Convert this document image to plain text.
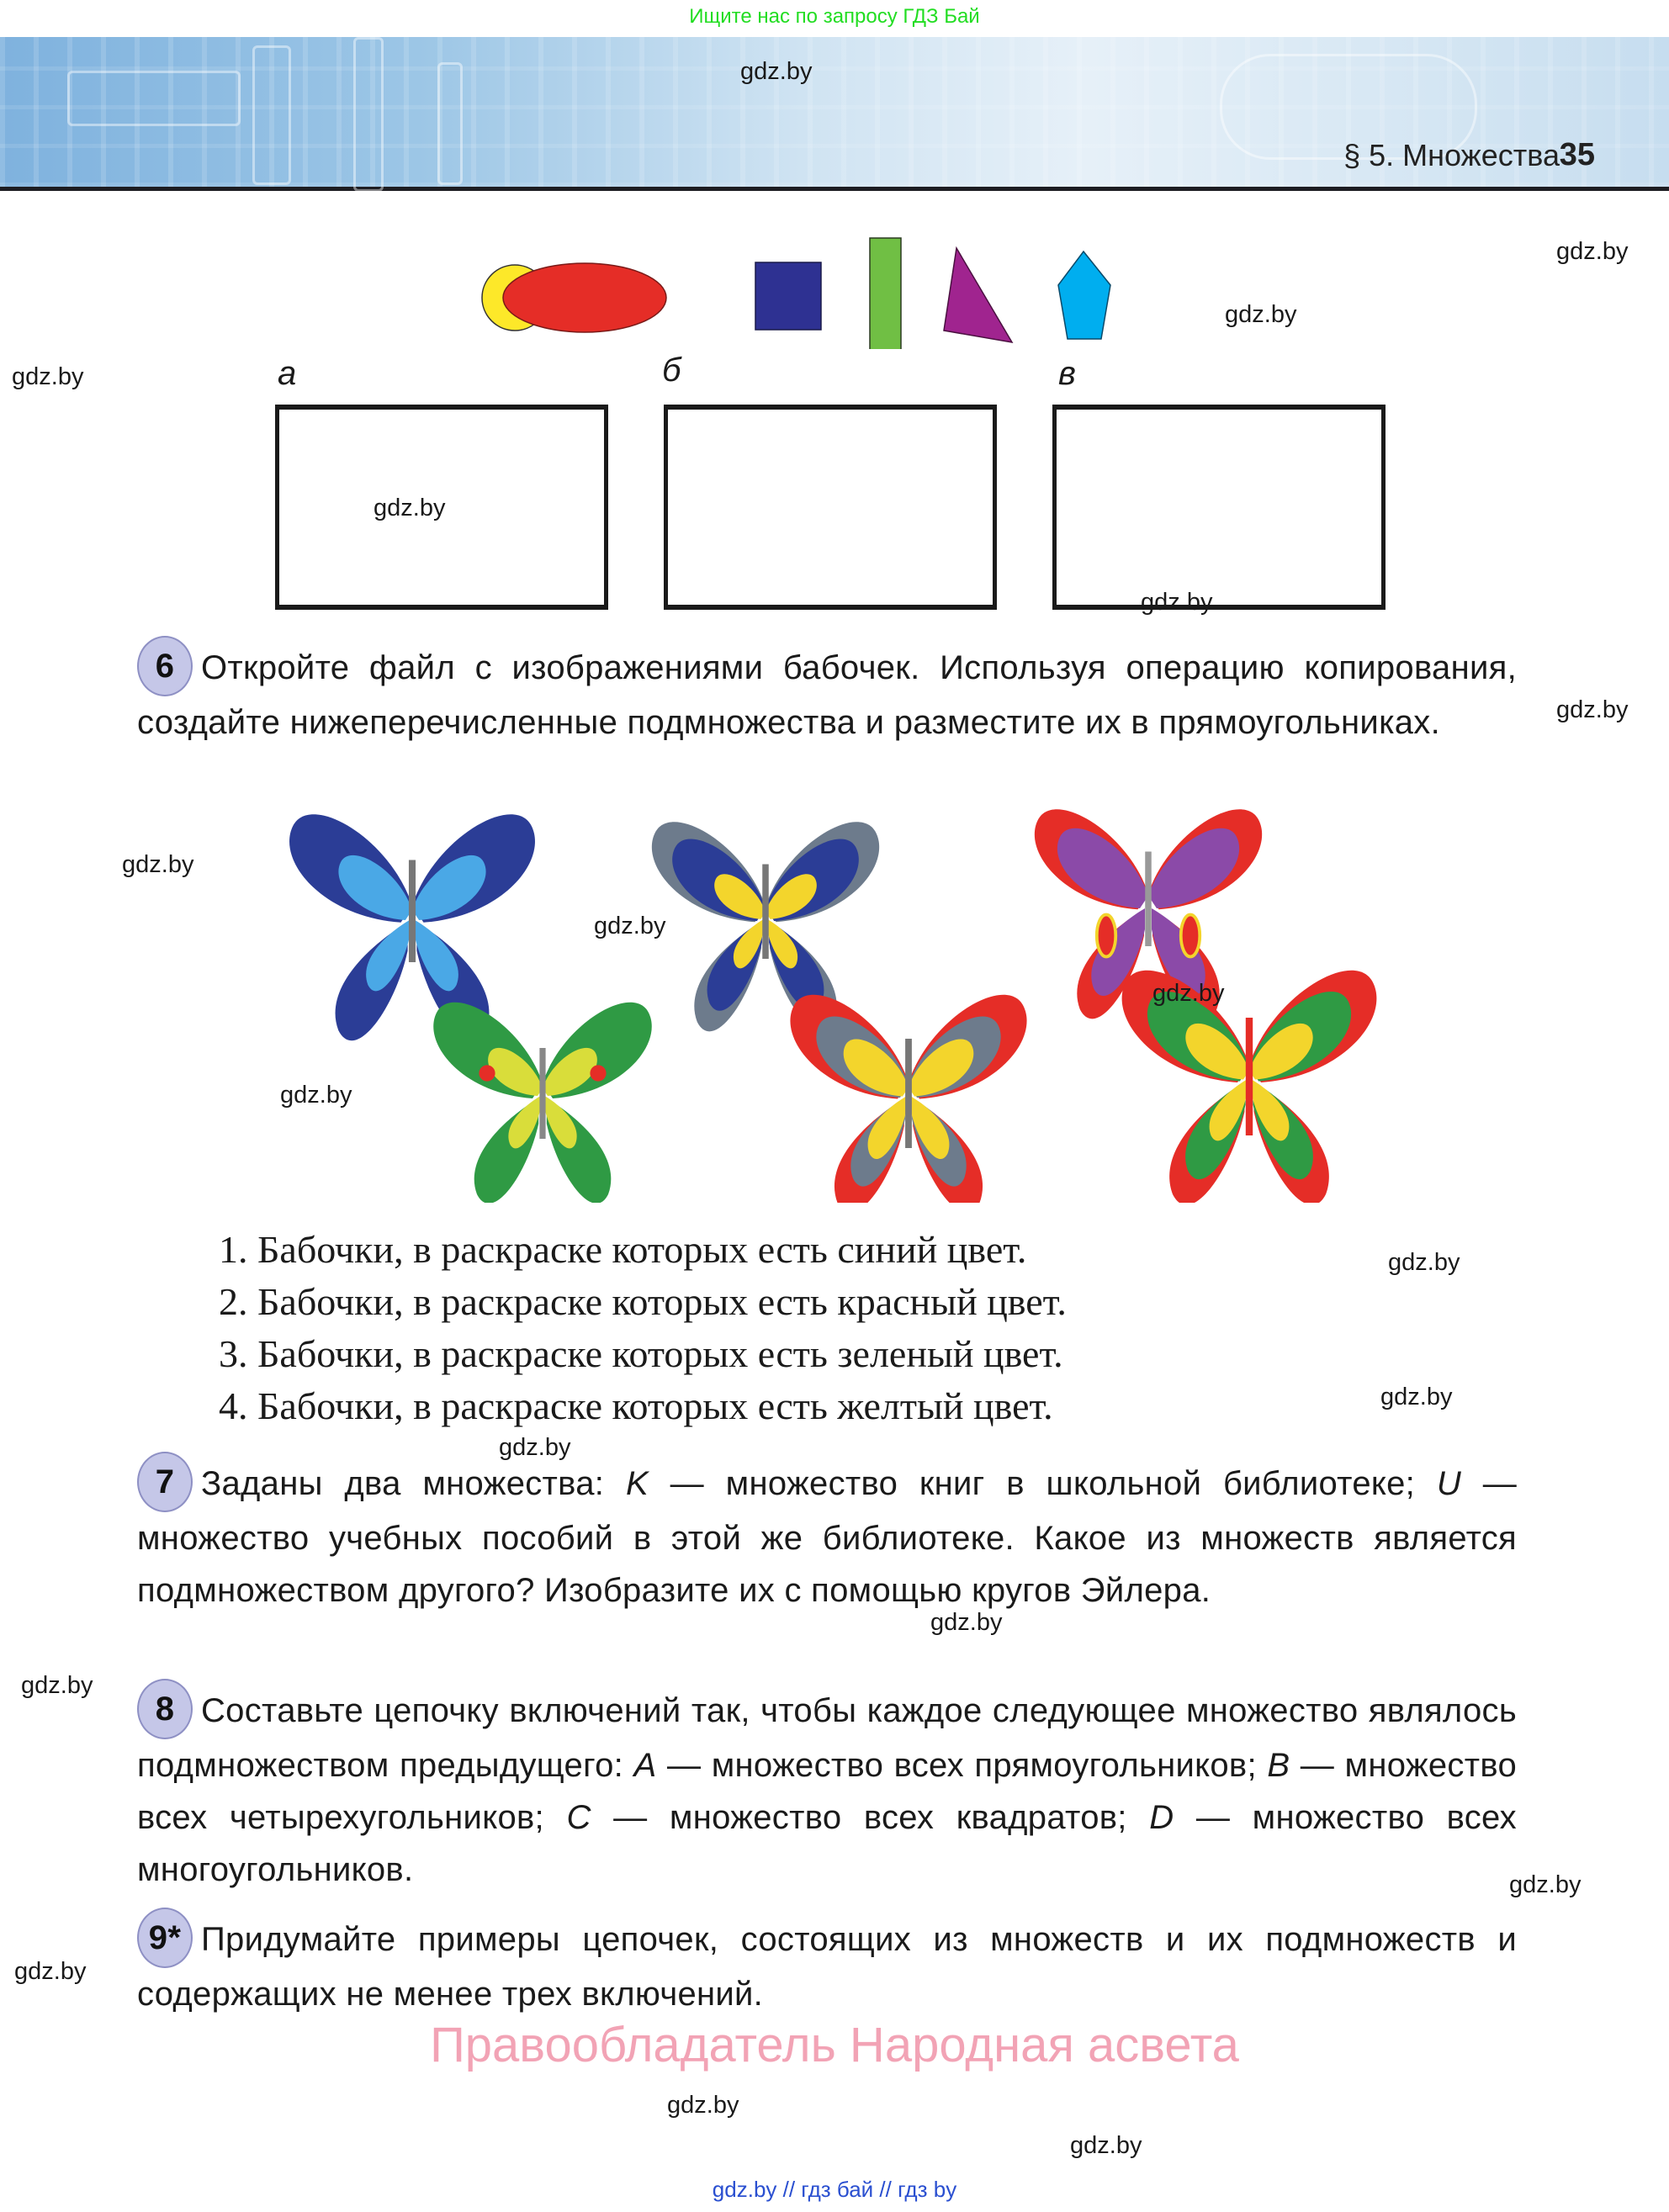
Ищите нас по запросу ГДЗ Бай
gdz.by
§ 5. Множества 35
gdz.by
gdz.by
gdz.by	а	б	в
gdz.by
gdz.by
6 Откройте файл с изображениями бабочек. Используя операцию копирования, создайте нижеперечисленные подмножества и разместите их в прямоугольниках.	gdz.by
gdz.by
gdz.by
gdz.by
gdz.by
1. Бабочки, в раскраске которых есть синий цвет.
2. Бабочки, в раскраске которых есть красный цвет.
3. Бабочки, в раскраске которых есть зеленый цвет.
4. Бабочки, в раскраске которых есть желтый цвет.
gdz.by
gdz.by
gdz.by
7 Заданы два множества: K — множество книг в школьной библиотеке; U — множество учебных пособий в этой же библиотеке. Какое из множеств является подмножеством другого? Изобразите их с помощью кругов Эйлера.
gdz.by
gdz.by
8 Составьте цепочку включений так, чтобы каждое следующее множество являлось подмножеством предыдущего: A — множество всех прямоугольников; B — множество всех четырехугольников; C — множество всех квадратов; D — множество всех многоугольников.	gdz.by
gdz.by
9* Придумайте примеры цепочек, состоящих из множеств и их подмножеств и содержащих не менее трех включений.
Правообладатель Народная асвета
gdz.by
gdz.by
gdz.by // гдз бай // гдз by
